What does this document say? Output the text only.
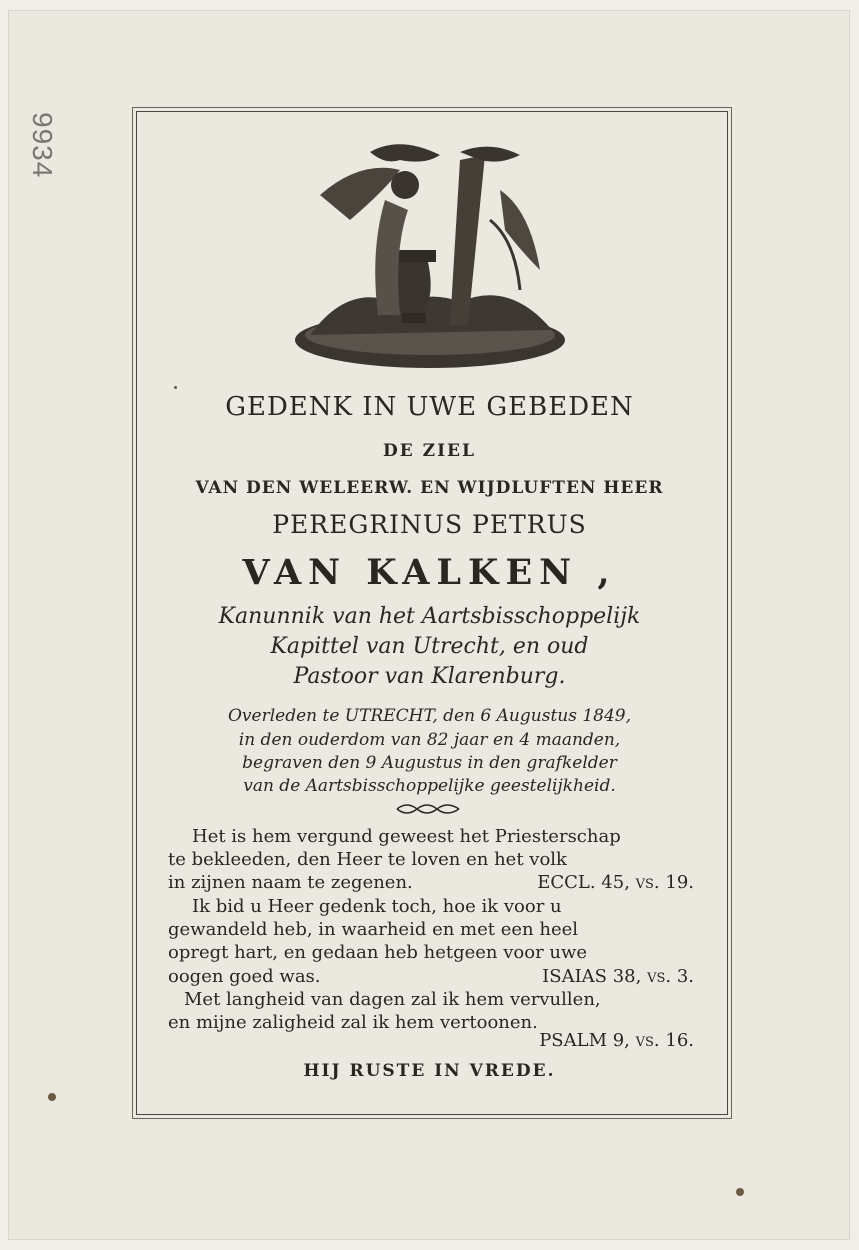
9934
GEDENK IN UWE GEBEDEN
DE ZIEL
VAN DEN WELEERW. EN WIJDLUFTEN HEER
PEREGRINUS PETRUS
VAN KALKEN ,
Kanunnik van het Aartsbisschoppelijk
Kapittel van Utrecht, en oud
Pastoor van Klarenburg.
Overleden te UTRECHT, den 6 Augustus 1849,
in den ouderdom van 82 jaar en 4 maanden,
begraven den 9 Augustus in den grafkelder
van de Aartsbisschoppelijke geestelijkheid.
Het is hem vergund geweest het Priesterschap
te bekleeden, den Heer te loven en het volk
in zijnen naam te zegenen.	ECCL. 45, vs. 19.
Ik bid u Heer gedenk toch, hoe ik voor u
gewandeld heb, in waarheid en met een heel
opregt hart, en gedaan heb hetgeen voor uwe
oogen goed was.	ISAIAS 38, vs. 3.
Met langheid van dagen zal ik hem vervullen,
en mijne zaligheid zal ik hem vertoonen.
PSALM 9, vs. 16.
HIJ RUSTE IN VREDE.
